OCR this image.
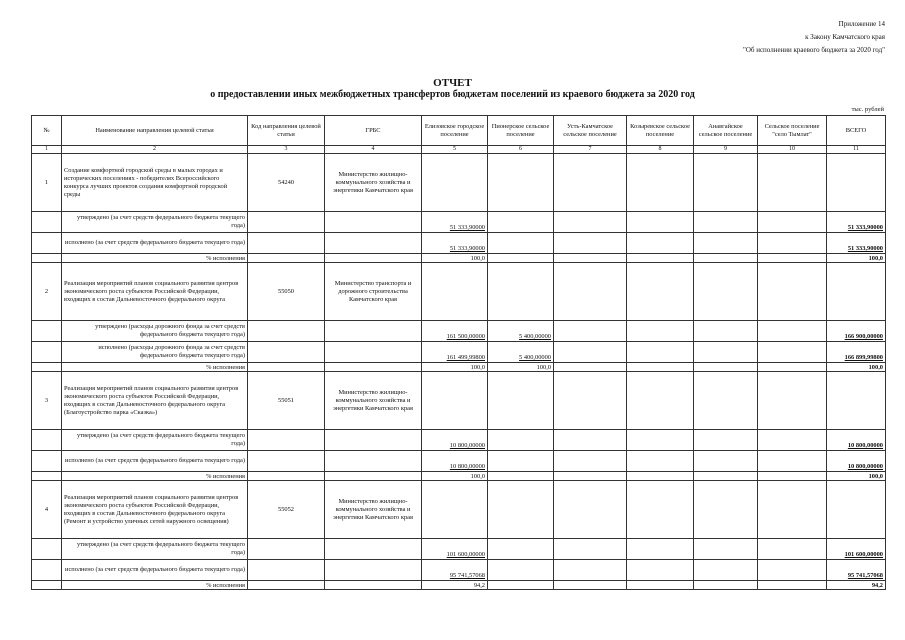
Приложение 14
к Закону Камчатского края
"Об исполнении краевого бюджета за 2020 год"
ОТЧЕТ
о предоставлении иных межбюджетных трансфертов бюджетам поселений из краевого бюджета за 2020 год
тыс. рублей
№	Наименование направления целевой статьи	Код направления целевой статьи	ГРБС	Елизовское городское поселение	Пионерское сельское поселение	Усть-Камчатское сельское поселение	Козыревское сельское поселение	Анавгайское сельское поселение	Сельское поселение "село Тымлат"	ВСЕГО
1	2	3	4	5	6	7	8	9	10	11
1	Создание комфортной городской среды в малых городах и исторических поселениях - победителях Всероссийского конкурса лучших проектов создания комфортной городской среды	54240	Министерство жилищно-коммунального хозяйства и энергетики Камчатского края							
	утверждено (за счет средств федерального бюджета текущего года)			51 333,90000						51 333,90000
	исполнено (за счет средств федерального бюджета текущего года)			51 333,90000						51 333,90000
	% исполнения			100,0						100,0
2	Реализация мероприятий планов социального развития центров экономического роста субъектов Российской Федерации, входящих в состав Дальневосточного федерального округа	55050	Министерство транспорта и дорожного строительства Камчатского края							
	утверждено (расходы дорожного фонда за счет средств федерального бюджета текущего года)			161 500,00000	5 400,00000					166 900,00000
	исполнено (расходы дорожного фонда за счет средств федерального бюджета текущего года)			161 499,99800	5 400,00000					166 899,99800
	% исполнения			100,0	100,0					100,0
3	Реализация мероприятий планов социального развития центров экономического роста субъектов Российской Федерации, входящих в состав Дальневосточного федерального округа (Благоустройство парка «Сказка»)	55051	Министерство жилищно-коммунального хозяйства и энергетики Камчатского края							
	утверждено (за счет средств федерального бюджета текущего года)			10 800,00000						10 800,00000
	исполнено (за счет средств федерального бюджета текущего года)			10 800,00000						10 800,00000
	% исполнения			100,0						100,0
4	Реализация мероприятий планов социального развития центров экономического роста субъектов Российской Федерации, входящих в состав Дальневосточного федерального округа (Ремонт и устройство уличных сетей наружного освещения)	55052	Министерство жилищно-коммунального хозяйства и энергетики Камчатского края							
	утверждено (за счет средств федерального бюджета текущего года)			101 600,00000						101 600,00000
	исполнено (за счет средств федерального бюджета текущего года)			95 741,57068						95 741,57068
	% исполнения			94,2						94,2
